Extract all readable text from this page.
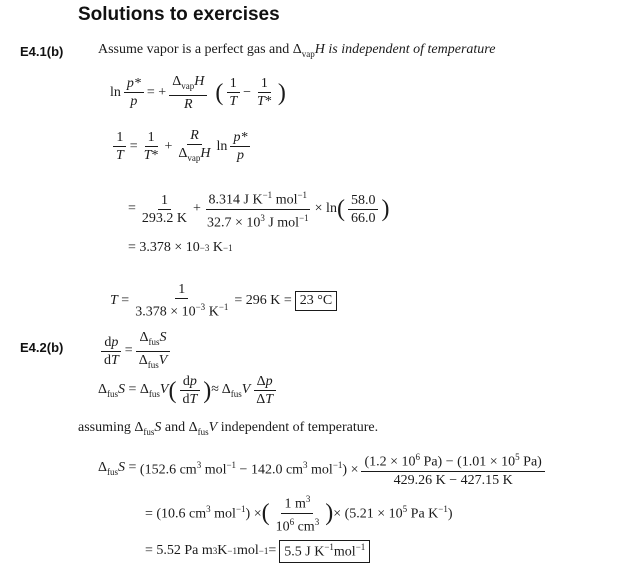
Solutions to exercises
E4.1(b) Assume vapor is a perfect gas and $\Delta_{vap}H$ is independent of temperature
$\ln \frac{p*}{p}$ = + $\frac{\Delta_{vap}H}{R}$ ( $\frac{1}{T} - \frac{1}{T*}$ )
$\frac{1}{T} = \frac{1}{T*} + \frac{R}{\Delta_{vap}H}$ $\ln \frac{p*}{p}$
= $\frac{1}{293.2 K} + \frac{8.314 J K^{-1} mol^{-1}}{32.7 \times 10^3 J mol^{-1}} \times \ln$ ( $\frac{58.0}{66.0}$ )
= 3.378 × 10 −3
K −1
$T = \frac{1}{3.378 \times 10^{-3} K^{-1}} = 296$ K = 23 °C
E4.2(b)	$\frac{dp}{dT} = \frac{\Delta_{fus}S}{\Delta_{fus}V}$
$\Delta_{fus}S = \Delta_{fus}V$ ( $\frac{dp}{dT}$ ) ≈ $\Delta_{fus}V \frac{\Delta p}{\Delta T}$
assuming $\Delta_{fus}S$ and $\Delta_{fus}V$ independent of temperature.
$\Delta_{fus}S = (152.6$ $cm^3$ mol$^{-1}$ − 142.0 $cm^3$ $mol^{-1}) \times \frac{(1.2 \times 10^6 Pa) - (1.01 \times 10^5 Pa)}{429.26 K - 427.15 K}$
= (10.6 $cm^3$ mol$^{-1}$) × ( $\frac{1 m^3}{10^6 cm^3}$ ) × ($5.21 \times 10^5$ Pa $K^{-1}$)
= 5.52 Pa m 3 K −1 mol −1 = 5.5 J $K^{-1}mol^{-1}$
